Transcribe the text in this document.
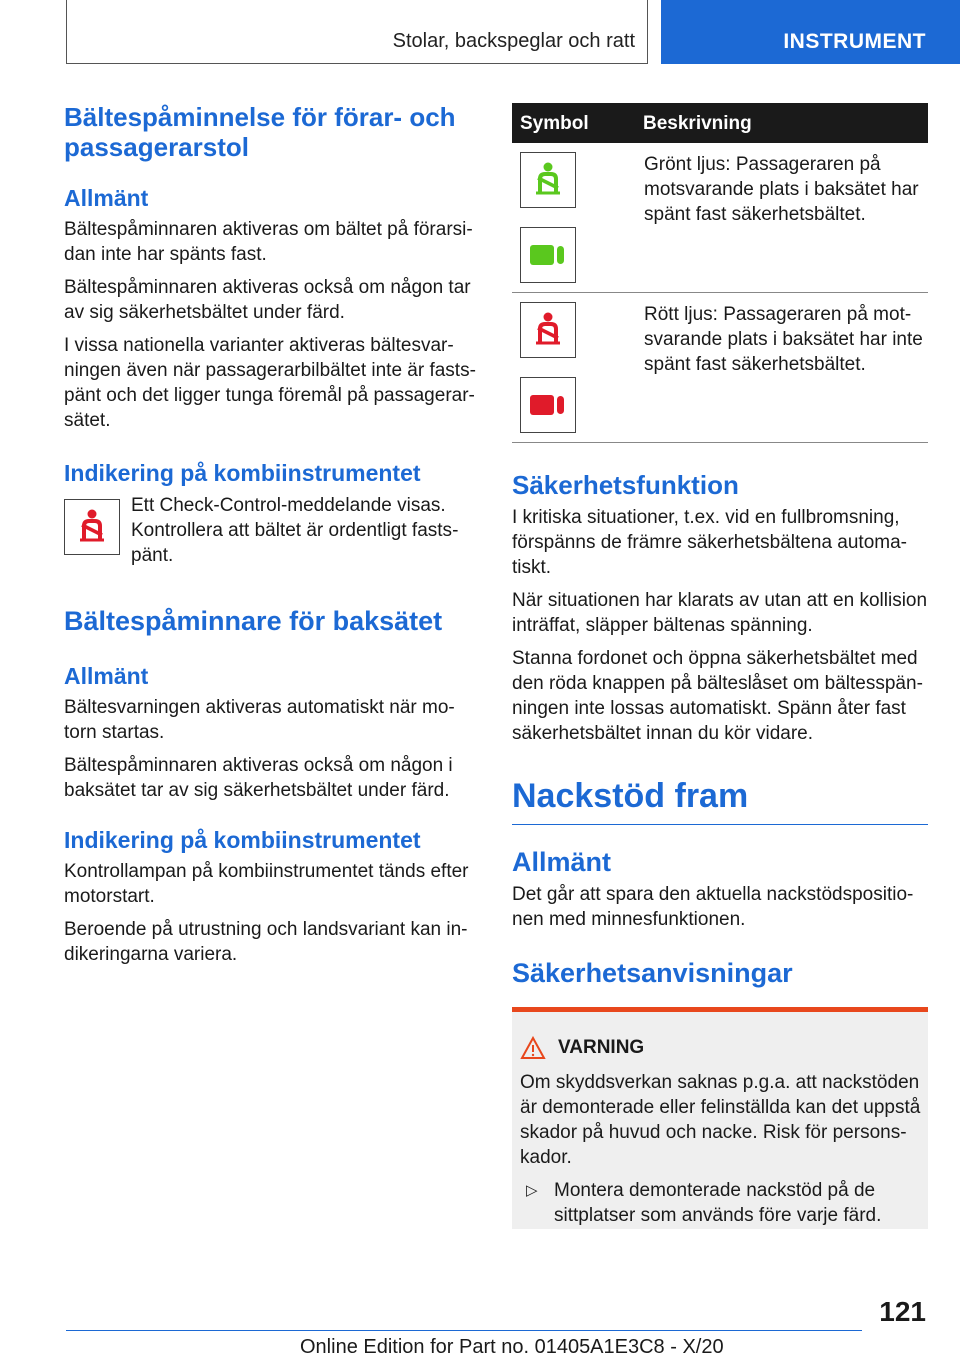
Stolar, backspeglar och ratt	INSTRUMENT
Bältespåminnelse för förar- och passagerarstol
Allmänt

Bältespåminnaren aktiveras om bältet på förarsidan inte har spänts fast.

Bältespåminnaren aktiveras också om någon tar av sig säkerhetsbältet under färd.

I vissa nationella varianter aktiveras bältesvarningen även när passagerarbilbältet inte är fastspänt och det ligger tunga föremål på passagerarsätet.

Indikering på kombiinstrumentet

Ett Check-Control-meddelande visas. Kontrollera att bältet är ordentligt fastspänt.

Bältespåminnare för baksätet
Allmänt

Bältesvarningen aktiveras automatiskt när motorn startas.

Bältespåminnaren aktiveras också om någon i baksätet tar av sig säkerhetsbältet under färd.

Indikering på kombiinstrumentet

Kontrollampan på kombiinstrumentet tänds efter motorstart.

Beroende på utrustning och landsvariant kan indikeringarna variera.

Symbol	Beskrivning

Grönt ljus: Passageraren på motsvarande plats i baksätet har spänt fast säkerhetsbältet.

Rött ljus: Passageraren på motsvarande plats i baksätet har inte spänt fast säkerhetsbältet.

Säkerhetsfunktion

I kritiska situationer, t.ex. vid en fullbromsning, förspänns de främre säkerhetsbältena automatiskt.

När situationen har klarats av utan att en kollision inträffat, släpper bältenas spänning.

Stanna fordonet och öppna säkerhetsbältet med den röda knappen på bälteslåset om bältesspänningen inte lossas automatiskt. Spänn åter fast säkerhetsbältet innan du kör vidare.

Nackstöd fram
Allmänt

Det går att spara den aktuella nackstödspositionen med minnesfunktionen.

Säkerhetsanvisningar
VARNING

Om skyddsverkan saknas p.g.a. att nackstöden är demonterade eller felinställda kan det uppstå skador på huvud och nacke. Risk för personskador.

▷ Montera demonterade nackstöd på de sittplatser som används före varje färd.

121
Online Edition for Part no. 01405A1E3C8 - X/20
